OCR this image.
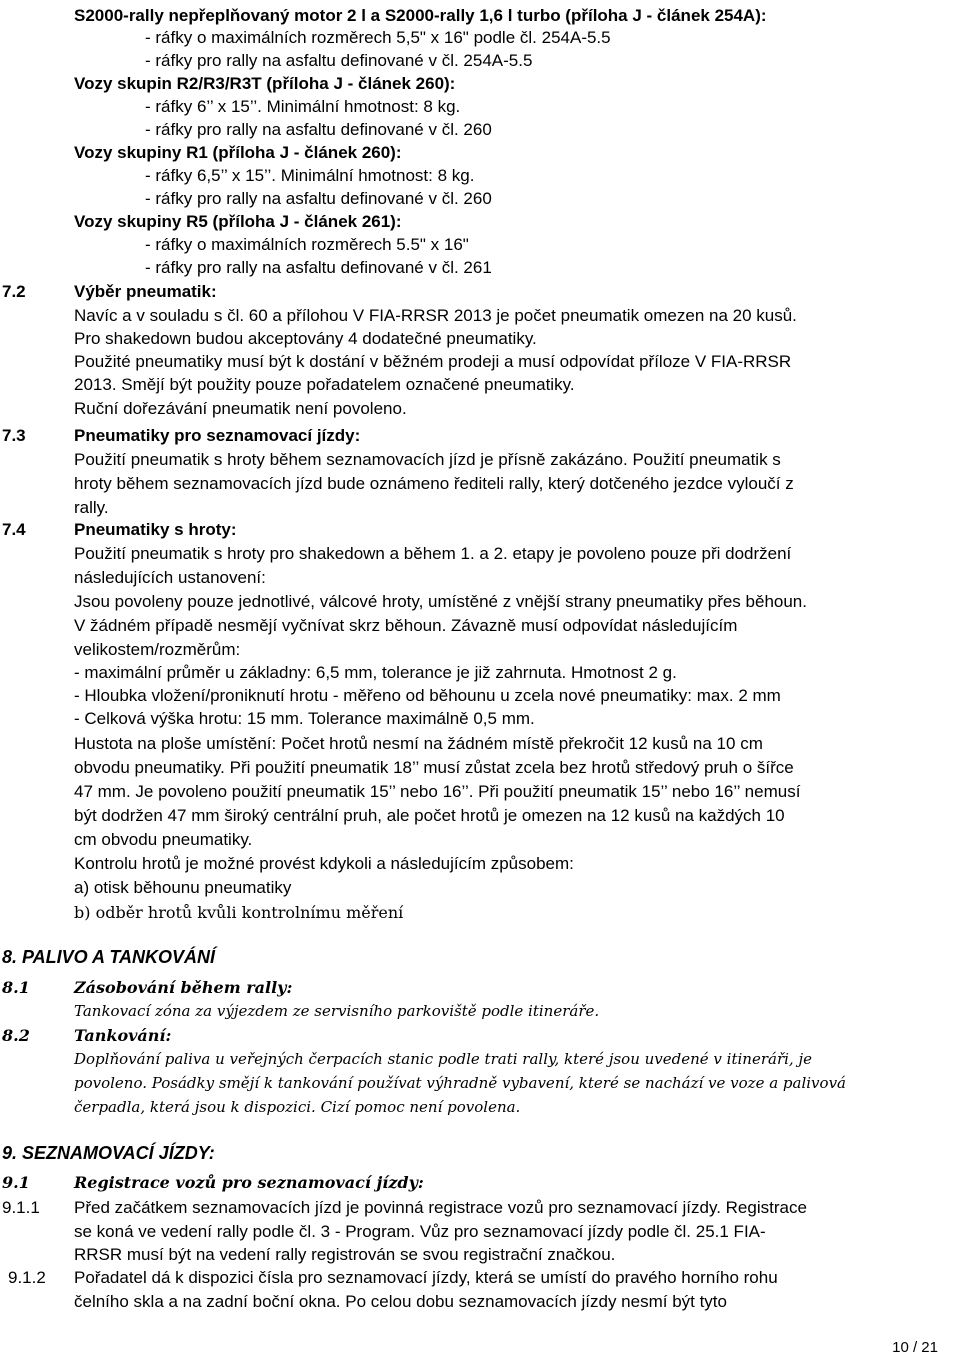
S2000-rally nepřeplňovaný motor 2 l a S2000-rally 1,6 l turbo (příloha J - článek 254A):
- ráfky o maximálních rozměrech 5,5" x 16" podle čl. 254A-5.5
- ráfky pro rally na asfaltu definované v čl. 254A-5.5
Vozy skupin R2/R3/R3T (příloha J - článek 260):
- ráfky 6’’ x 15’’. Minimální hmotnost: 8 kg.
- ráfky pro rally na asfaltu definované v čl. 260
Vozy skupiny R1 (příloha J - článek 260):
- ráfky 6,5’’ x 15’’. Minimální hmotnost: 8 kg.
- ráfky pro rally na asfaltu definované v čl. 260
Vozy skupiny R5 (příloha J - článek 261):
- ráfky o maximálních rozměrech 5.5" x 16"
- ráfky pro rally na asfaltu definované v čl. 261
7.2	Výběr pneumatik:
Navíc a v souladu s čl. 60 a přílohou V FIA-RRSR 2013 je počet pneumatik omezen na 20 kusů.
Pro shakedown budou akceptovány 4 dodatečné pneumatiky.
Použité pneumatiky musí být k dostání v běžném prodeji a musí odpovídat příloze V FIA-RRSR
2013. Smějí být použity pouze pořadatelem označené pneumatiky.
Ruční dořezávání pneumatik není povoleno.
7.3	Pneumatiky pro seznamovací jízdy:
Použití pneumatik s hroty během seznamovacích jízd je přísně zakázáno. Použití pneumatik s
hroty během seznamovacích jízd bude oznámeno řediteli rally, který dotčeného jezdce vyloučí z
rally.
7.4	Pneumatiky s hroty:
Použití pneumatik s hroty pro shakedown a během 1. a 2. etapy je povoleno pouze při dodržení
následujících ustanovení:
Jsou povoleny pouze jednotlivé, válcové hroty, umístěné z vnější strany pneumatiky přes běhoun.
V žádném případě nesmějí vyčnívat skrz běhoun. Závazně musí odpovídat následujícím
velikostem/rozměrům:
- maximální průměr u základny: 6,5 mm, tolerance je již zahrnuta. Hmotnost 2 g.
- Hloubka vložení/proniknutí hrotu - měřeno od běhounu u zcela nové pneumatiky: max. 2 mm
- Celková výška hrotu: 15 mm. Tolerance maximálně 0,5 mm.
Hustota na ploše umístění: Počet hrotů nesmí na žádném místě překročit 12 kusů na 10 cm
obvodu pneumatiky. Při použití pneumatik 18’’ musí zůstat zcela bez hrotů středový pruh o šířce
47 mm. Je povoleno použití pneumatik 15’’ nebo 16’’. Při použití pneumatik 15’’ nebo 16’’ nemusí
být dodržen 47 mm široký centrální pruh, ale počet hrotů je omezen na 12 kusů na každých 10
cm obvodu pneumatiky.
Kontrolu hrotů je možné provést kdykoli a následujícím způsobem:
a) otisk běhounu pneumatiky
b) odběr hrotů kvůli kontrolnímu měření
8. PALIVO A TANKOVÁNÍ
8.1	Zásobování během rally:
Tankovací zóna za výjezdem ze servisního parkoviště podle itineráře.
8.2	Tankování:
Doplňování paliva u veřejných čerpacích stanic podle trati rally, které jsou uvedené v itineráři, je
povoleno. Posádky smějí k tankování používat výhradně vybavení, které se nachází ve voze a palivová
čerpadla, která jsou k dispozici. Cizí pomoc není povolena.
9. SEZNAMOVACÍ JÍZDY:
9.1	Registrace vozů pro seznamovací jízdy:
9.1.1 Před začátkem seznamovacích jízd je povinná registrace vozů pro seznamovací jízdy. Registrace
se koná ve vedení rally podle čl. 3 - Program. Vůz pro seznamovací jízdy podle čl. 25.1 FIA-
RRSR musí být na vedení rally registrován se svou registrační značkou.
9.1.2 Pořadatel dá k dispozici čísla pro seznamovací jízdy, která se umístí do pravého horního rohu
čelního skla a na zadní boční okna. Po celou dobu seznamovacích jízdy nesmí být tyto
10 / 21
